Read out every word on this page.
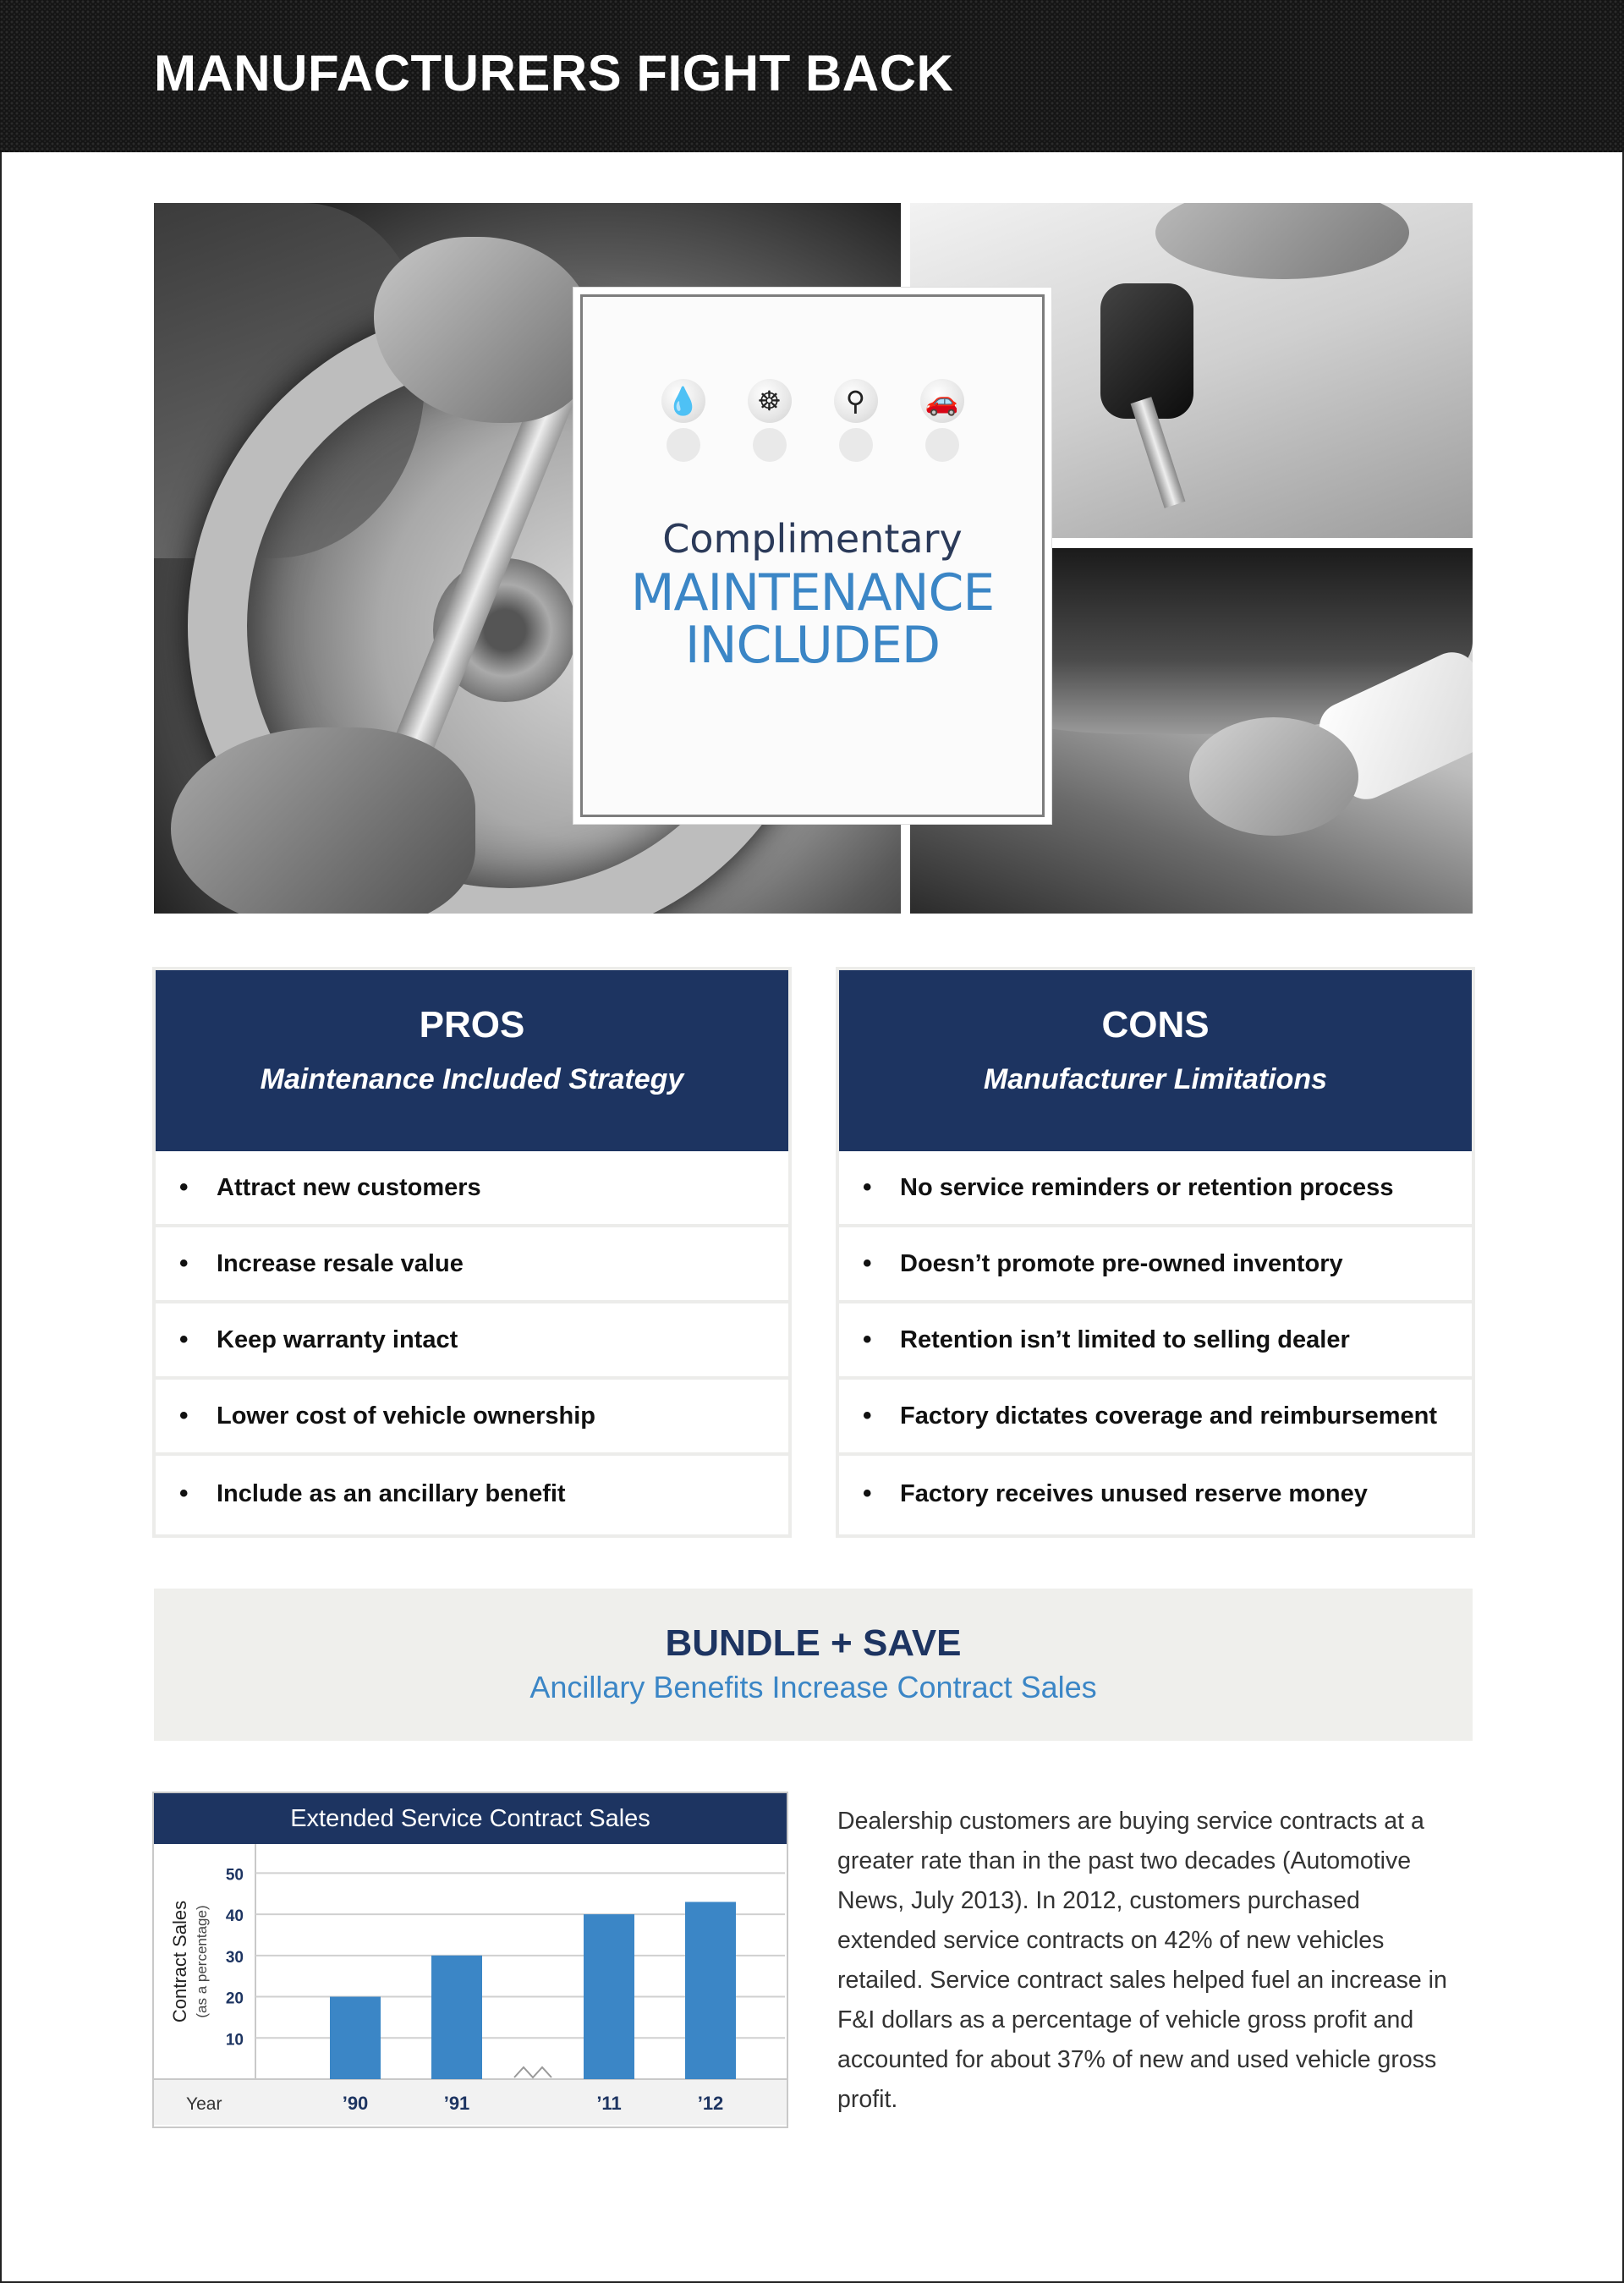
MANUFACTURERS FIGHT BACK
💧	☸	⚲	🚗
Complimentary
MAINTENANCE
INCLUDED
PROS
Maintenance Included Strategy
•	Attract new customers
•	Increase resale value
•	Keep warranty intact
•	Lower cost of vehicle ownership
•	Include as an ancillary benefit
CONS
Manufacturer Limitations
•	No service reminders or retention process
•	Doesn’t promote pre-owned inventory
•	Retention isn’t limited to selling dealer
•	Factory dictates coverage and reimbursement
•	Factory receives unused reserve money
BUNDLE + SAVE
Ancillary Benefits Increase Contract Sales
Extended Service Contract Sales
10
20
30
40
50
Contract Sales (as a percentage)
Year	’90	’91	’11	’12

Dealership customers are buying service contracts at a greater rate than in the past two decades (Automotive News, July 2013). In 2012, customers purchased extended service contracts on 42% of new vehicles retailed. Service contract sales helped fuel an increase in F&I dollars as a percentage of vehicle gross profit and accounted for about 37% of new and used vehicle gross profit.
